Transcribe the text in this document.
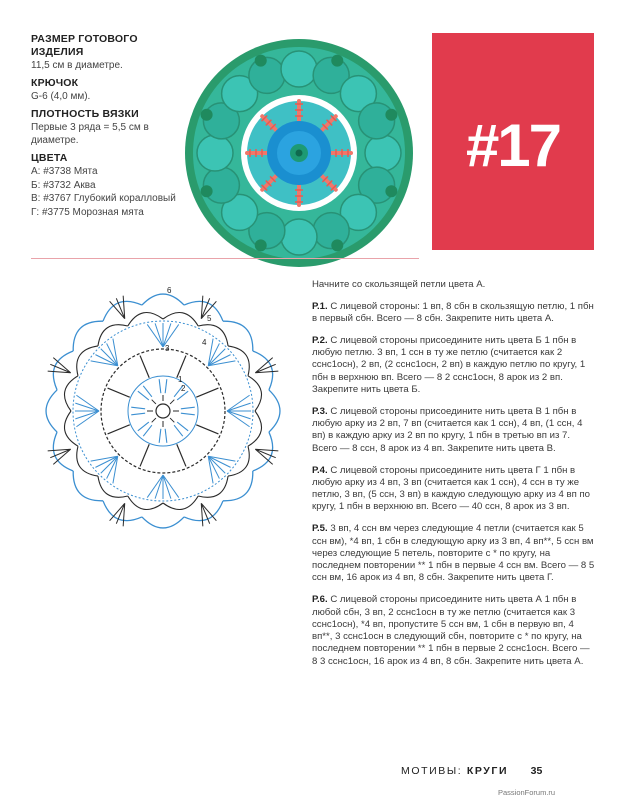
РАЗМЕР ГОТОВОГО ИЗДЕЛИЯ
11,5 см в диаметре.
КРЮЧОК
G-6 (4,0 мм).
ПЛОТНОСТЬ ВЯЗКИ
Первые 3 ряда = 5,5 см в диаметре.
ЦВЕТА
А: #3738 Мята
Б: #3732 Аква
В: #3767 Глубокий коралловый
Г: #3775 Морозная мята
#17
1
2
3
4
5
6

Начните со скользящей петли цвета А.

Р.1. С лицевой стороны: 1 вп, 8 сбн в скользящую петлю, 1 пбн в первый сбн. Всего — 8 сбн. Закрепите нить цвета А.

Р.2. С лицевой стороны присоедините нить цвета Б 1 пбн в любую петлю. 3 вп, 1 ссн в ту же петлю (считается как 2 сснс1осн), 2 вп, (2 сснс1осн, 2 вп) в каждую петлю по кругу, 1 пбн в верхнюю вп. Всего — 8 2 сснс1осн, 8 арок из 2 вп. Закрепите нить цвета Б.

Р.3. С лицевой стороны присоедините нить цвета В 1 пбн в любую арку из 2 вп, 7 вп (считается как 1 ссн), 4 вп, (1 ссн, 4 вп) в каждую арку из 2 вп по кругу, 1 пбн в третью вп из 7. Всего — 8 ссн, 8 арок из 4 вп. Закрепите нить цвета В.

Р.4. С лицевой стороны присоедините нить цвета Г 1 пбн в любую арку из 4 вп, 3 вп (считается как 1 ссн), 4 ссн в ту же петлю, 3 вп, (5 ссн, 3 вп) в каждую следующую арку из 4 вп по кругу, 1 пбн в верхнюю вп. Всего — 40 ссн, 8 арок из 3 вп.

Р.5. 3 вп, 4 ссн вм через следующие 4 петли (считается как 5 ссн вм), *4 вп, 1 сбн в следующую арку из 3 вп, 4 вп**, 5 ссн вм через следующие 5 петель, повторите с * по кругу, на последнем повторении ** 1 пбн в первые 4 ссн вм. Всего — 8 5 ссн вм, 16 арок из 4 вп, 8 сбн. Закрепите нить цвета Г.

Р.6. С лицевой стороны присоедините нить цвета А 1 пбн в любой сбн, 3 вп, 2 сснс1осн в ту же петлю (считается как 3 сснс1осн), *4 вп, пропустите 5 ссн вм, 1 сбн в первую вп, 4 вп**, 3 сснс1осн в следующий сбн, повторите с * по кругу, на последнем повторении ** 1 пбн в первые 2 сснс1осн. Всего — 8 3 сснс1осн, 16 арок из 4 вп, 8 сбн. Закрепите нить цвета А.

МОТИВЫ: КРУГИ 35
PassionForum.ru
